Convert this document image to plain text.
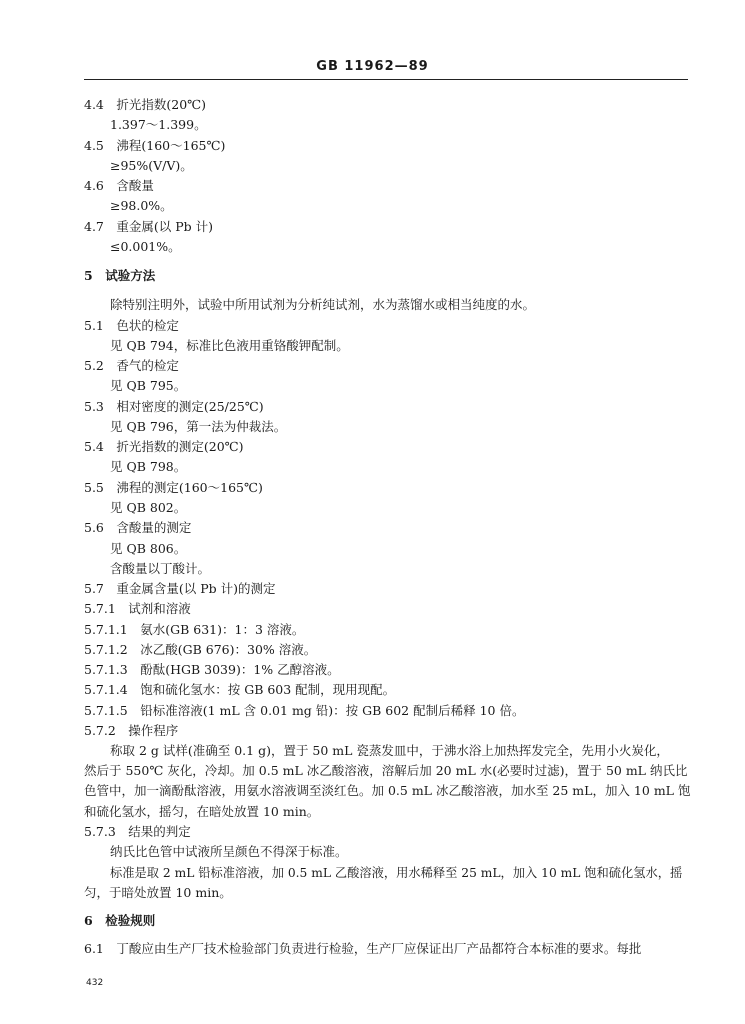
GB 11962—89
4.4　折光指数(20℃)
1.397～1.399。
4.5　沸程(160～165℃)
≥95%(V/V)。
4.6　含酸量
≥98.0%。
4.7　重金属(以 Pb 计)
≤0.001%。
5　试验方法
除特别注明外，试验中所用试剂为分析纯试剂，水为蒸馏水或相当纯度的水。
5.1　色状的检定
见 QB 794，标准比色液用重铬酸钾配制。
5.2　香气的检定
见 QB 795。
5.3　相对密度的测定(25/25℃)
见 QB 796，第一法为仲裁法。
5.4　折光指数的测定(20℃)
见 QB 798。
5.5　沸程的测定(160～165℃)
见 QB 802。
5.6　含酸量的测定
见 QB 806。
含酸量以丁酸计。
5.7　重金属含量(以 Pb 计)的测定
5.7.1　试剂和溶液
5.7.1.1　氨水(GB 631)：1：3 溶液。
5.7.1.2　冰乙酸(GB 676)：30% 溶液。
5.7.1.3　酚酞(HGB 3039)：1% 乙醇溶液。
5.7.1.4　饱和硫化氢水：按 GB 603 配制，现用现配。
5.7.1.5　铅标准溶液(1 mL 含 0.01 mg 铅)：按 GB 602 配制后稀释 10 倍。
5.7.2　操作程序
称取 2 g 试样(准确至 0.1 g)，置于 50 mL 瓷蒸发皿中，于沸水浴上加热挥发完全，先用小火炭化，
然后于 550℃ 灰化，冷却。加 0.5 mL 冰乙酸溶液，溶解后加 20 mL 水(必要时过滤)，置于 50 mL 纳氏比
色管中，加一滴酚酞溶液，用氨水溶液调至淡红色。加 0.5 mL 冰乙酸溶液，加水至 25 mL，加入 10 mL 饱
和硫化氢水，摇匀，在暗处放置 10 min。
5.7.3　结果的判定
纳氏比色管中试液所呈颜色不得深于标准。
标准是取 2 mL 铅标准溶液，加 0.5 mL 乙酸溶液，用水稀释至 25 mL，加入 10 mL 饱和硫化氢水，摇
匀，于暗处放置 10 min。
6　检验规则
6.1　丁酸应由生产厂技术检验部门负责进行检验，生产厂应保证出厂产品都符合本标准的要求。每批
432
